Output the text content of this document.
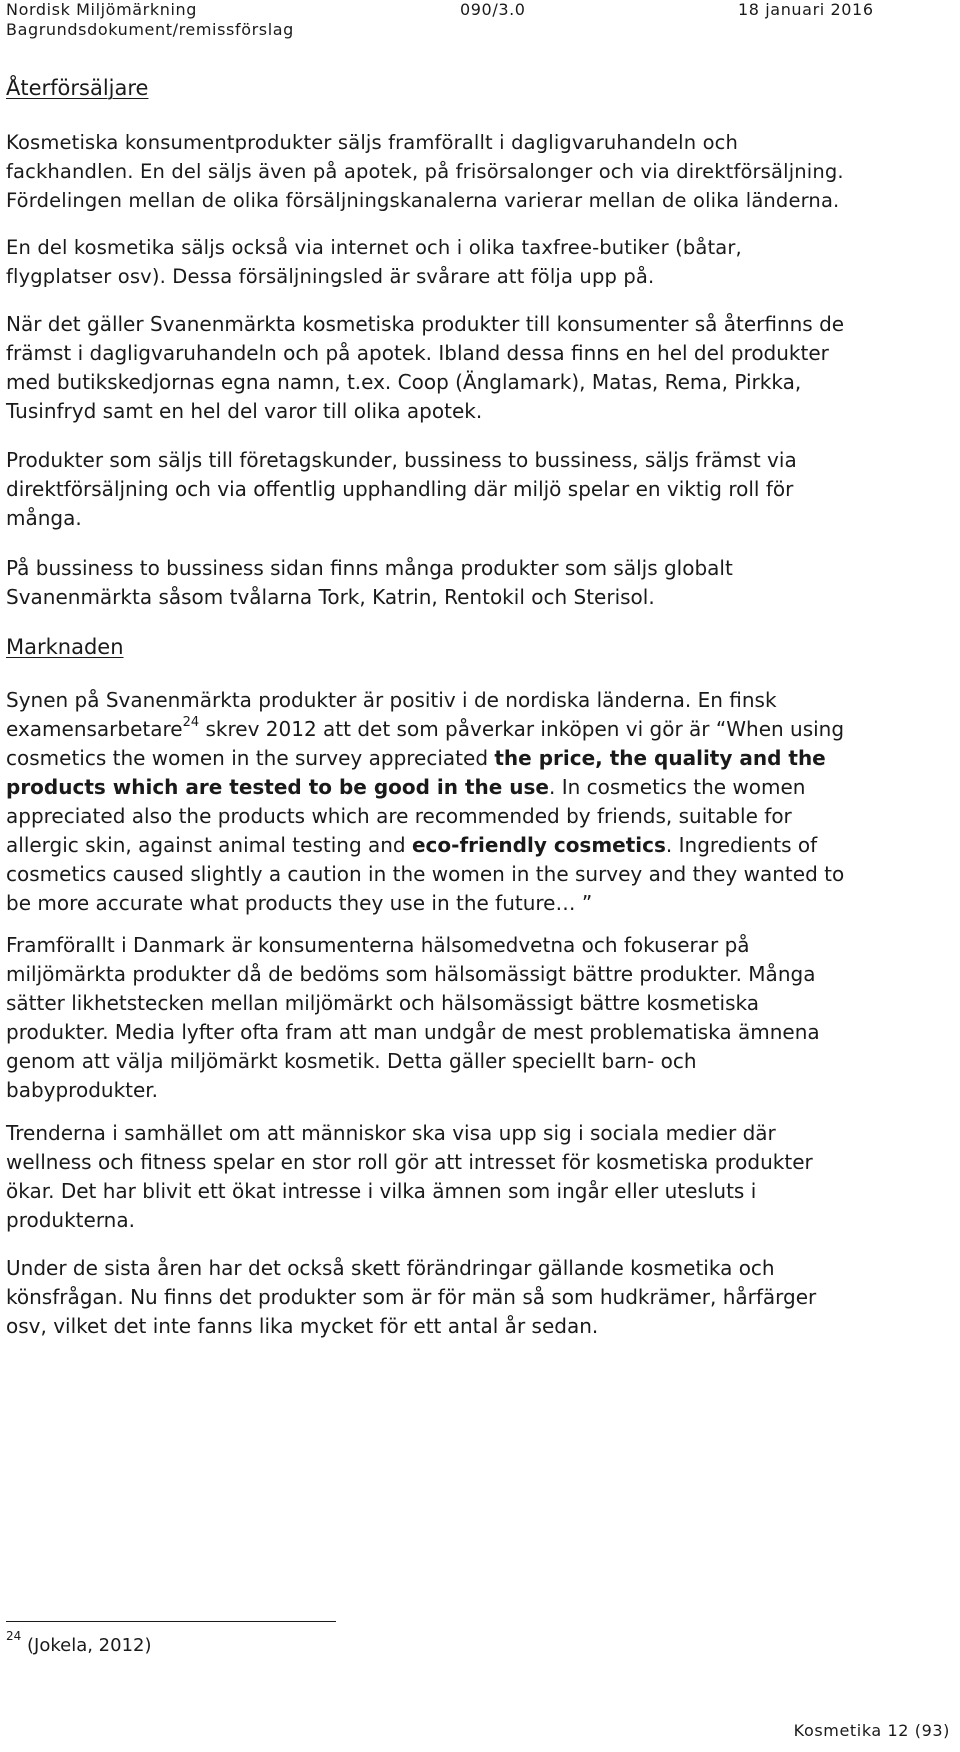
Nordisk Miljömärkning	090/3.0	18 januari 2016
Bagrundsdokument/remissförslag
Återförsäljare
Kosmetiska konsumentprodukter säljs framförallt i dagligvaruhandeln och
fackhandlen. En del säljs även på apotek, på frisörsalonger och via direktförsäljning.
Fördelingen mellan de olika försäljningskanalerna varierar mellan de olika länderna.
En del kosmetika säljs också via internet och i olika taxfree-butiker (båtar,
flygplatser osv). Dessa försäljningsled är svårare att följa upp på.
När det gäller Svanenmärkta kosmetiska produkter till konsumenter så återfinns de
främst i dagligvaruhandeln och på apotek. Ibland dessa finns en hel del produkter
med butikskedjornas egna namn, t.ex. Coop (Änglamark), Matas, Rema, Pirkka,
Tusinfryd samt en hel del varor till olika apotek.
Produkter som säljs till företagskunder, bussiness to bussiness, säljs främst via
direktförsäljning och via offentlig upphandling där miljö spelar en viktig roll för
många.
På bussiness to bussiness sidan finns många produkter som säljs globalt
Svanenmärkta såsom tvålarna Tork, Katrin, Rentokil och Sterisol.
Marknaden
Synen på Svanenmärkta produkter är positiv i de nordiska länderna. En finsk
examensarbetare$^{24}$ skrev 2012 att det som påverkar inköpen vi gör är “When using
cosmetics the women in the survey appreciated the price, the quality and the
products which are tested to be good in the use. In cosmetics the women
appreciated also the products which are recommended by friends, suitable for
allergic skin, against animal testing and eco-friendly cosmetics. Ingredients of
cosmetics caused slightly a caution in the women in the survey and they wanted to
be more accurate what products they use in the future… ”
Framförallt i Danmark är konsumenterna hälsomedvetna och fokuserar på
miljömärkta produkter då de bedöms som hälsomässigt bättre produkter. Många
sätter likhetstecken mellan miljömärkt och hälsomässigt bättre kosmetiska
produkter. Media lyfter ofta fram att man undgår de mest problematiska ämnena
genom att välja miljömärkt kosmetik. Detta gäller speciellt barn- och
babyprodukter.
Trenderna i samhället om att människor ska visa upp sig i sociala medier där
wellness och fitness spelar en stor roll gör att intresset för kosmetiska produkter
ökar. Det har blivit ett ökat intresse i vilka ämnen som ingår eller utesluts i
produkterna.
Under de sista åren har det också skett förändringar gällande kosmetika och
könsfrågan. Nu finns det produkter som är för män så som hudkrämer, hårfärger
osv, vilket det inte fanns lika mycket för ett antal år sedan.
$^{24}$ (Jokela, 2012)
Kosmetika 12 (93)
